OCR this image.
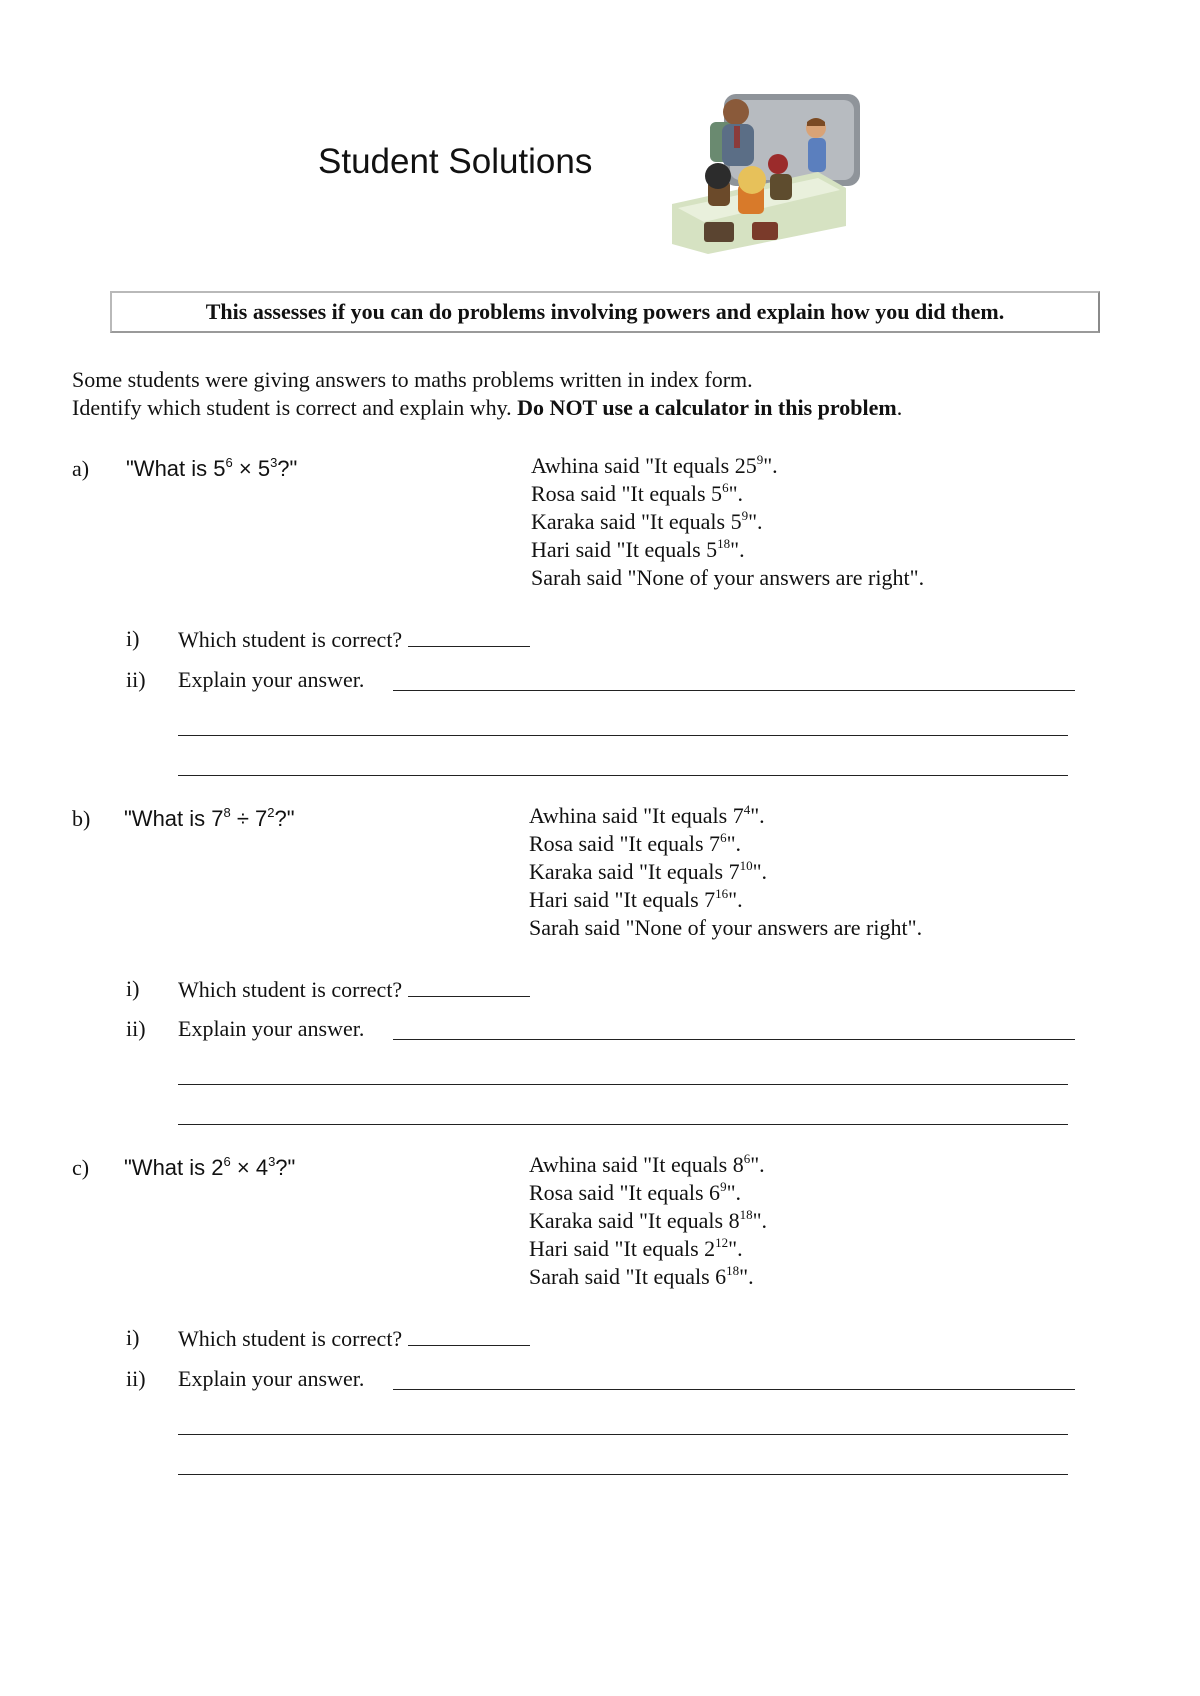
Student Solutions
This assesses if you can do problems involving powers and explain how you did them.
Some students were giving answers to maths problems written in index form.
Identify which student is correct and explain why. Do NOT use a calculator in this problem.
a) "What is $5^6 \times 5^3$?"	Awhina said "It equals $25^9$".
Rosa said "It equals $5^6$".
Karaka said "It equals $5^9$".
Hari said "It equals $5^{18}$".
Sarah said "None of your answers are right".
i) Which student is correct?
ii) Explain your answer.
b) "What is $7^8 \div 7^2$?"	Awhina said "It equals $7^4$".
Rosa said "It equals $7^6$".
Karaka said "It equals $7^{10}$".
Hari said "It equals $7^{16}$".
Sarah said "None of your answers are right".
i) Which student is correct?
ii) Explain your answer.
c) "What is $2^6 \times 4^3$?"	Awhina said "It equals $8^6$".
Rosa said "It equals $6^9$".
Karaka said "It equals $8^{18}$".
Hari said "It equals $2^{12}$".
Sarah said "It equals $6^{18}$".
i) Which student is correct?
ii) Explain your answer.
